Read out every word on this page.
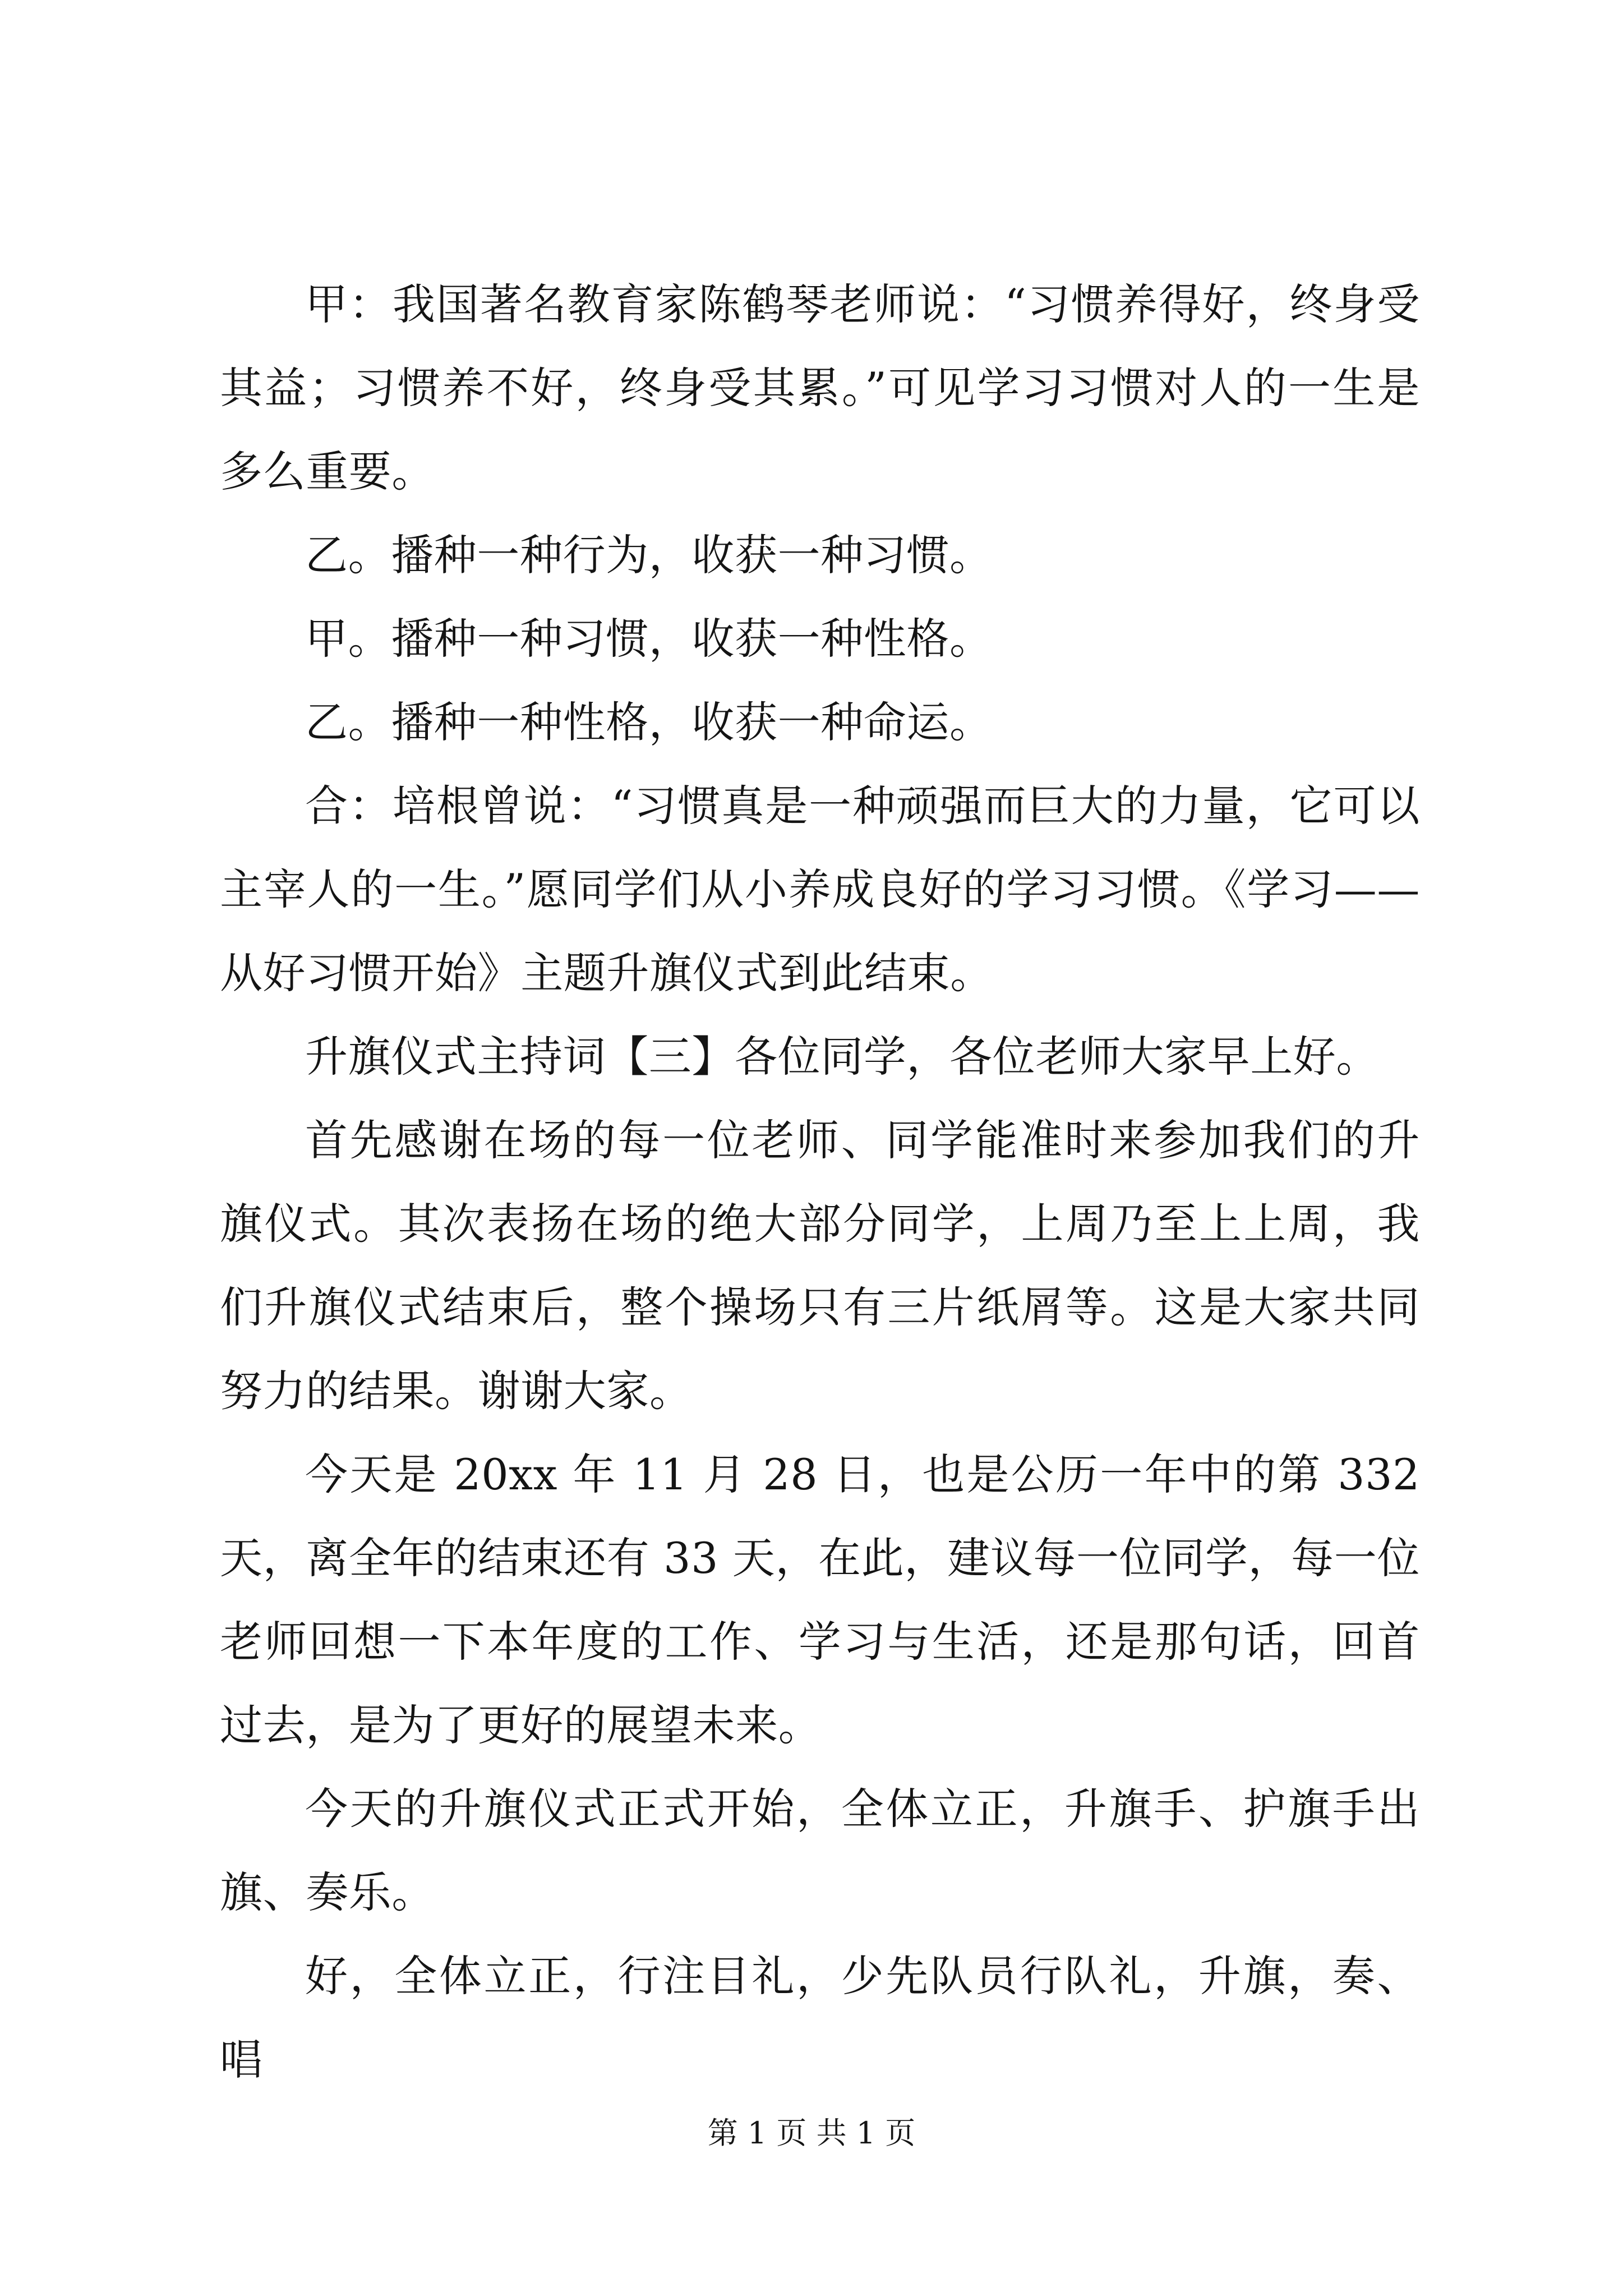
甲：我国著名教育家陈鹤琴老师说：“习惯养得好，终身受其益；习惯养不好，终身受其累。”可见学习习惯对人的一生是多么重要。

乙。播种一种行为，收获一种习惯。

甲。播种一种习惯，收获一种性格。

乙。播种一种性格，收获一种命运。

合：培根曾说：“习惯真是一种顽强而巨大的力量，它可以主宰人的一生。”愿同学们从小养成良好的学习习惯。《学习——从好习惯开始》主题升旗仪式到此结束。

升旗仪式主持词【三】各位同学，各位老师大家早上好。

首先感谢在场的每一位老师、同学能准时来参加我们的升旗仪式。其次表扬在场的绝大部分同学，上周乃至上上周，我们升旗仪式结束后，整个操场只有三片纸屑等。这是大家共同努力的结果。谢谢大家。

今天是 20xx 年 11 月 28 日，也是公历一年中的第 332 天，离全年的结束还有 33 天，在此，建议每一位同学，每一位老师回想一下本年度的工作、学习与生活，还是那句话，回首过去，是为了更好的展望未来。

今天的升旗仪式正式开始，全体立正，升旗手、护旗手出旗、奏乐。

好，全体立正，行注目礼，少先队员行队礼，升旗，奏、唱

第 1 页 共 1 页
